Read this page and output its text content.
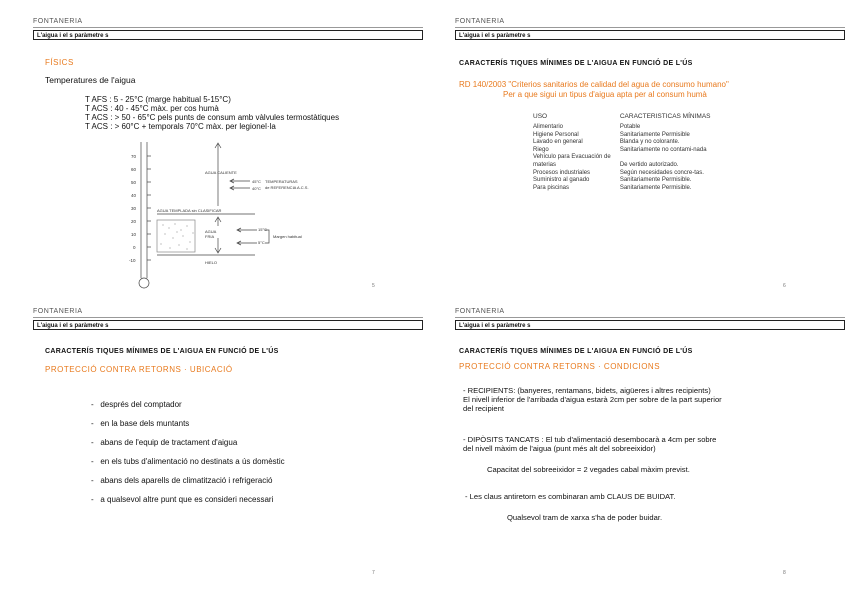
FONTANERIA
L'aigua i el s paràmetre s
FÍSICS
Temperatures de l'aigua
T AFS : 5 - 25°C (marge habitual 5-15°C)
T ACS : 40 - 45°C màx. per cos humà
T ACS : > 50 - 65°C pels punts de consum amb vàlvules termostàtiques
T ACS : > 60°C + temporals 70°C màx. per legionel·la
70
60
50
40
30
20
10
0
-10
AGUA CALIENTE
45°C
40°C
TEMPERATURAS
de REFERENCIA A.C.S.
AGUA TEMPLADA sin CLASIFICAR
AGUA
FRIA
15°C
5°C
Margen habitual
HIELO
5
FONTANERIA
L'aigua i el s paràmetre s
CARACTERÍS TIQUES MÍNIMES DE L'AIGUA EN FUNCIÓ DE L'ÚS
RD 140/2003 "Criterios sanitarios de calidad del agua de consumo humano"
Per a que sigui un tipus d'aigua apta per al consum humà
USO	CARACTERISTICAS MÍNIMAS
Alimentario	Potable
Higiene Personal	Sanitariamente Permisible
Lavado en general	Blanda y no colorante.
Riego	Sanitariamente no contami-nada
Vehículo para Evacuación de materias	De vertido autorizado.
Procesos industriales	Según necesidades concre-tas.
Suministro al ganado	Sanitariamente Permisible.
Para piscinas	Sanitariamente Permisible.
6
FONTANERIA
L'aigua i el s paràmetre s
CARACTERÍS TIQUES MÍNIMES DE L'AIGUA EN FUNCIÓ DE L'ÚS
PROTECCIÓ CONTRA RETORNS · UBICACIÓ
-   després del comptador
-   en la base dels muntants
-   abans de l'equip de tractament d'aigua
-   en els tubs d'alimentació no destinats a ús domèstic
-   abans dels aparells de climatització i refrigeració
-   a qualsevol altre punt que es consideri necessari
7
FONTANERIA
L'aigua i el s paràmetre s
CARACTERÍS TIQUES MÍNIMES DE L'AIGUA EN FUNCIÓ DE L'ÚS
PROTECCIÓ CONTRA RETORNS · CONDICIONS
- RECIPIENTS: (banyeres, rentamans, bidets, aigüeres i altres recipients)
El nivell inferior de l'arribada d'aigua estarà 2cm per sobre de la part superior
del recipient
- DIPÒSITS TANCATS : El tub d'alimentació desembocarà a 4cm per sobre
del nivell màxim de l'aigua (punt més alt del sobreeixidor)
Capacitat del sobreeixidor = 2 vegades cabal màxim previst.
- Les claus antiretorn es combinaran amb CLAUS DE BUIDAT.
Qualsevol tram de xarxa s'ha de poder buidar.
8
